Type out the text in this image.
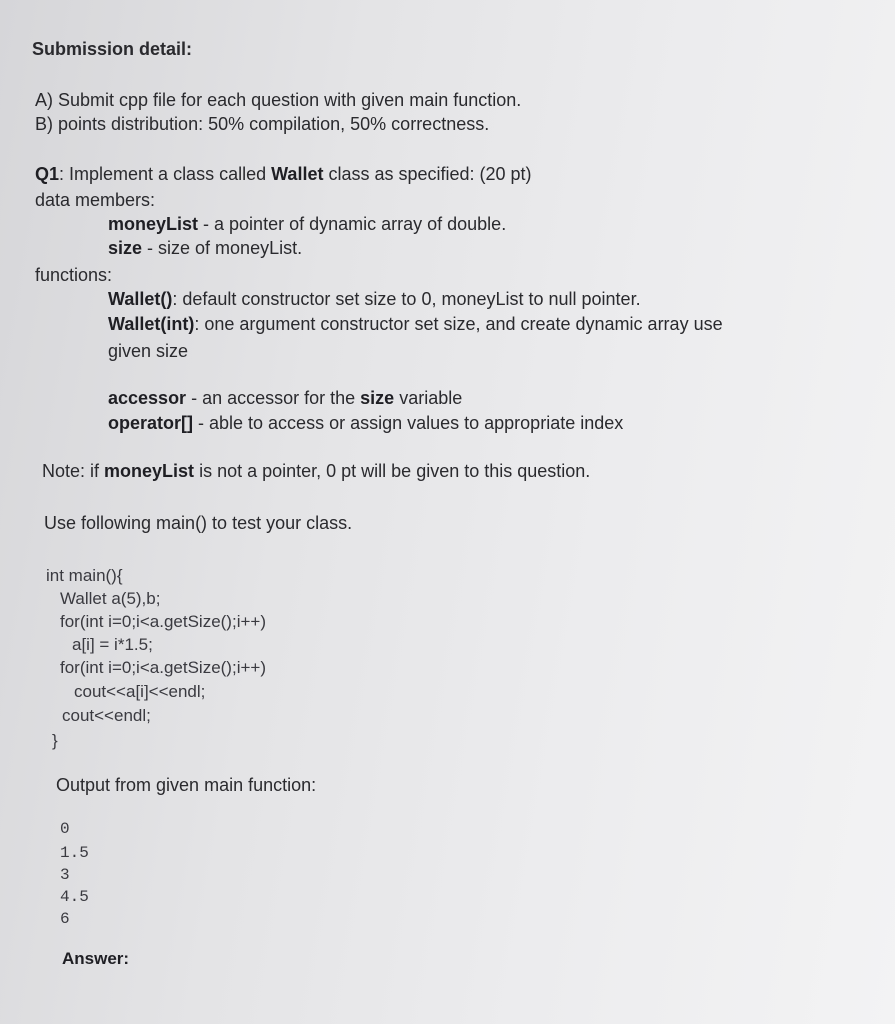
Submission detail:
A) Submit cpp file for each question with given main function.
B) points distribution: 50% compilation, 50% correctness.
Q1: Implement a class called Wallet class as specified: (20 pt)
data members:
moneyList - a pointer of dynamic array of double.
size - size of moneyList.
functions:
Wallet(): default constructor set size to 0, moneyList to null pointer.
Wallet(int): one argument constructor set size, and create dynamic array use
given size
accessor - an accessor for the size variable
operator[] - able to access or assign values to appropriate index
Note: if moneyList is not a pointer, 0 pt will be given to this question.
Use following main() to test your class.
int main(){
Wallet a(5),b;
for(int i=0;i<a.getSize();i++)
a[i] = i*1.5;
for(int i=0;i<a.getSize();i++)
cout<<a[i]<<endl;
cout<<endl;
}
Output from given main function:
0
1.5
3
4.5
6
Answer:
